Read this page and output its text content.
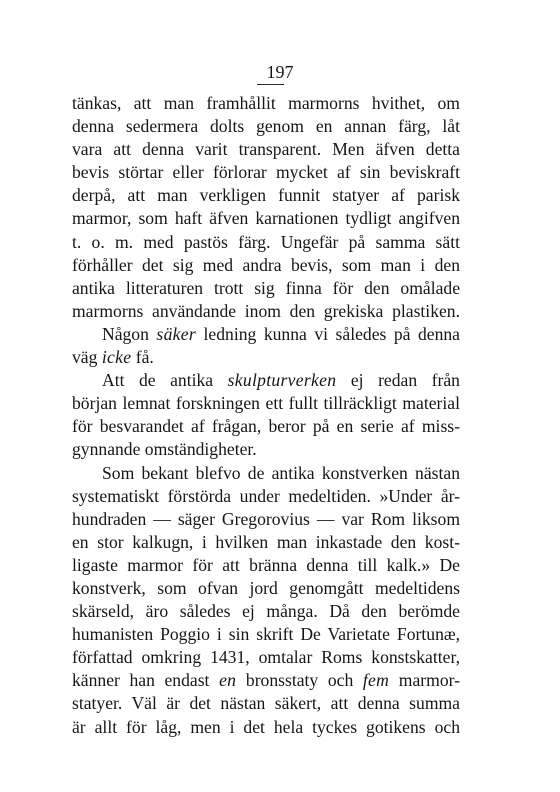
197
tänkas, att man framhållit marmorns hvithet, om
denna sedermera dolts genom en annan färg, låt
vara att denna varit transparent. Men äfven detta
bevis störtar eller förlorar mycket af sin beviskraft
derpå, att man verkligen funnit statyer af parisk
marmor, som haft äfven karnationen tydligt angifven
t. o. m. med pastös färg. Ungefär på samma sätt
förhåller det sig med andra bevis, som man i den
antika litteraturen trott sig finna för den omålade
marmorns användande inom den grekiska plastiken.
Någon säker ledning kunna vi således på denna
väg icke få.
Att de antika skulpturverken ej redan från
början lemnat forskningen ett fullt tillräckligt material
för besvarandet af frågan, beror på en serie af miss-
gynnande omständigheter.
Som bekant blefvo de antika konstverken nästan
systematiskt förstörda under medeltiden. »Under år-
hundraden — säger Gregorovius — var Rom liksom
en stor kalkugn, i hvilken man inkastade den kost-
ligaste marmor för att bränna denna till kalk.» De
konstverk, som ofvan jord genomgått medeltidens
skärseld, äro således ej många. Då den berömde
humanisten Poggio i sin skrift De Varietate Fortunæ,
författad omkring 1431, omtalar Roms konstskatter,
känner han endast en bronsstaty och fem marmor-
statyer. Väl är det nästan säkert, att denna summa
är allt för låg, men i det hela tyckes gotikens och
